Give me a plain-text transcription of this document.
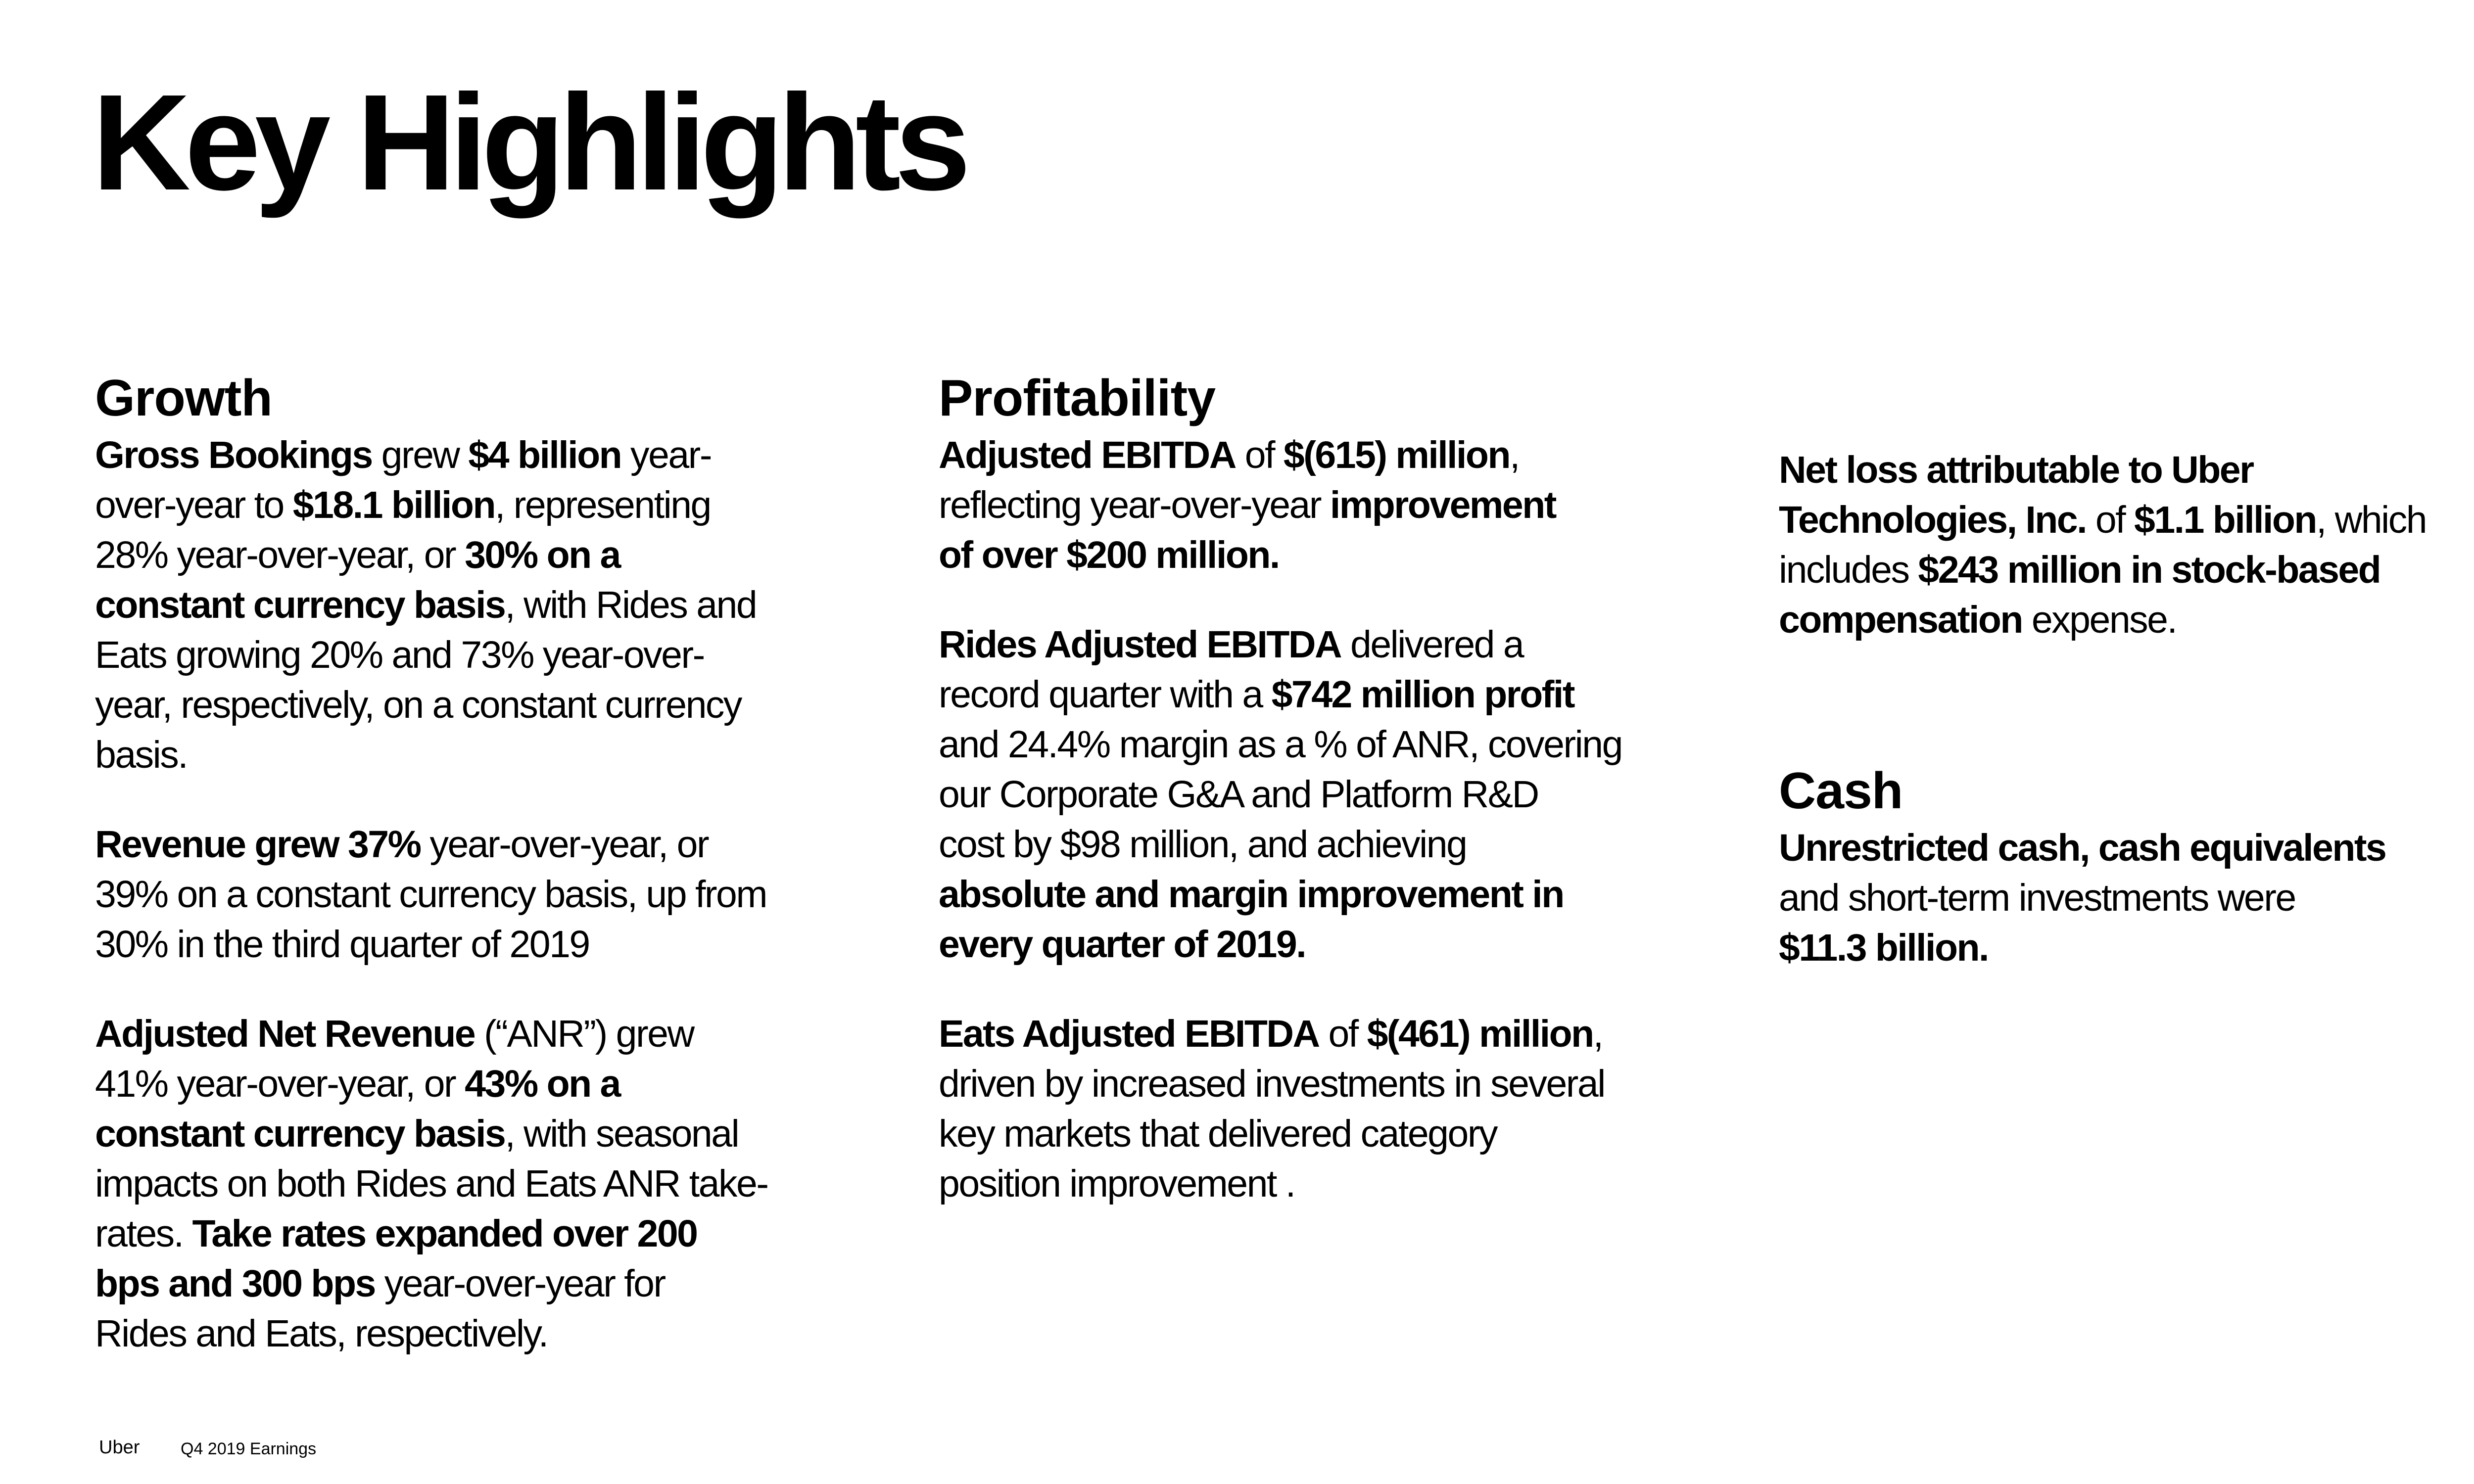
Key Highlights
Growth

Gross Bookings grew $4 billion year-
over-year to $18.1 billion, representing
28% year-over-year, or 30% on a
constant currency basis, with Rides and
Eats growing 20% and 73% year-over-
year, respectively, on a constant currency
basis.

Revenue grew 37% year-over-year, or
39% on a constant currency basis, up from
30% in the third quarter of 2019

Adjusted Net Revenue (“ANR”) grew
41% year-over-year, or 43% on a
constant currency basis, with seasonal
impacts on both Rides and Eats ANR take-
rates. Take rates expanded over 200
bps and 300 bps year-over-year for
Rides and Eats, respectively.

Profitability

Adjusted EBITDA of $(615) million,
reflecting year-over-year improvement
of over $200 million.

Rides Adjusted EBITDA delivered a
record quarter with a $742 million profit
and 24.4% margin as a % of ANR, covering
our Corporate G&A and Platform R&D
cost by $98 million, and achieving
absolute and margin improvement in
every quarter of 2019.

Eats Adjusted EBITDA of $(461) million,
driven by increased investments in several
key markets that delivered category
position improvement .

Net loss attributable to Uber
Technologies, Inc. of $1.1 billion, which
includes $243 million in stock-based
compensation expense.

Cash

Unrestricted cash, cash equivalents
and short-term investments were
$11.3 billion.

Uber Q4 2019 Earnings
